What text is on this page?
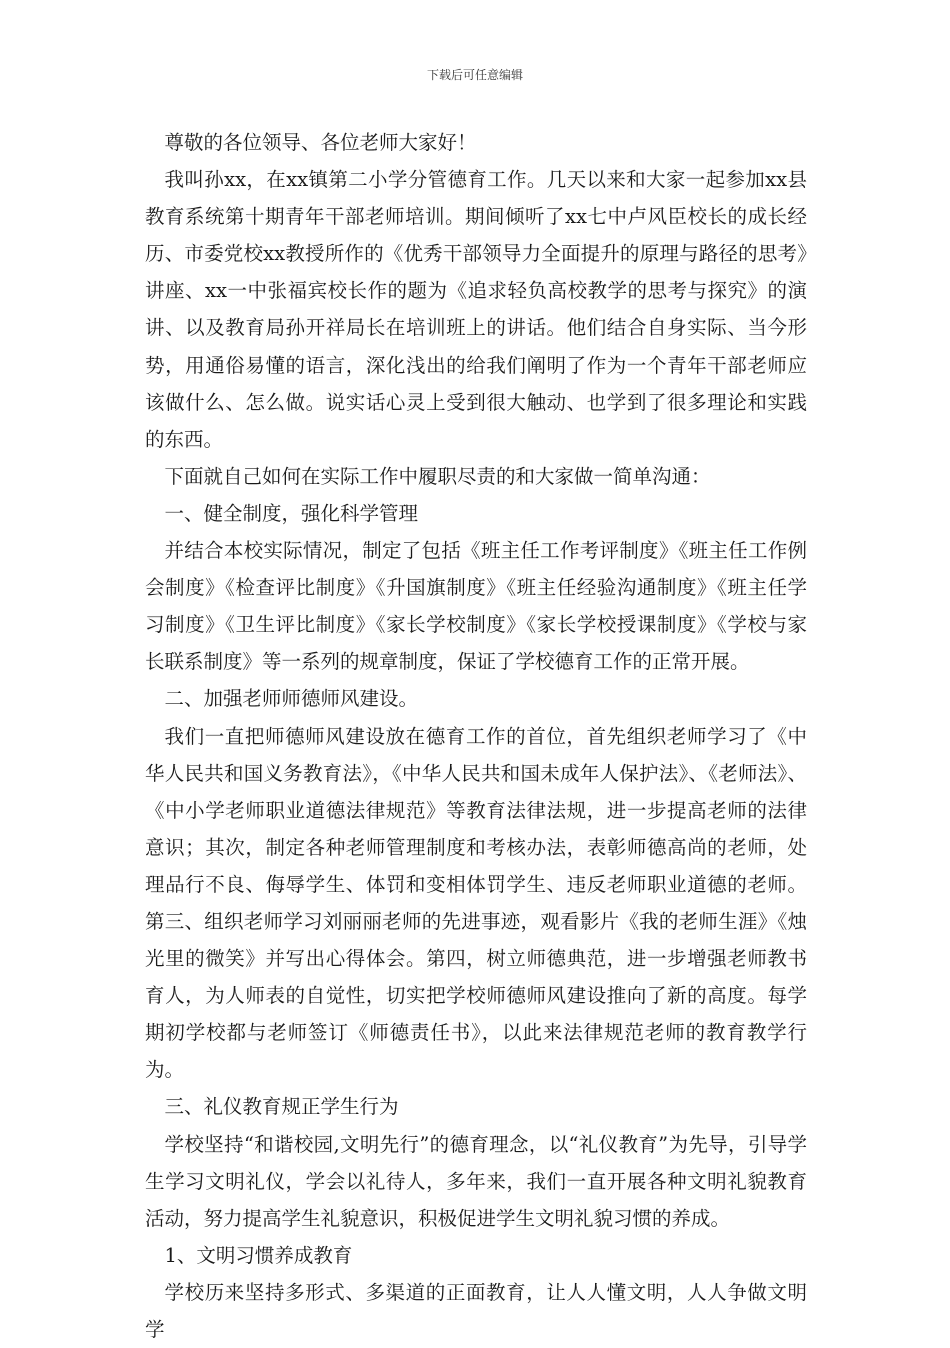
下载后可任意编辑

尊敬的各位领导、各位老师大家好！

我叫孙xx，在xx镇第二小学分管德育工作。几天以来和大家一起参加xx县教育系统第十期青年干部老师培训。期间倾听了xx七中卢风臣校长的成长经历、市委党校xx教授所作的《优秀干部领导力全面提升的原理与路径的思考》讲座、xx一中张福宾校长作的题为《追求轻负高校教学的思考与探究》的演讲、以及教育局孙开祥局长在培训班上的讲话。他们结合自身实际、当今形势，用通俗易懂的语言，深化浅出的给我们阐明了作为一个青年干部老师应该做什么、怎么做。说实话心灵上受到很大触动、也学到了很多理论和实践的东西。

下面就自己如何在实际工作中履职尽责的和大家做一简单沟通：

一、健全制度，强化科学管理

并结合本校实际情况，制定了包括《班主任工作考评制度》《班主任工作例会制度》《检查评比制度》《升国旗制度》《班主任经验沟通制度》《班主任学习制度》《卫生评比制度》《家长学校制度》《家长学校授课制度》《学校与家长联系制度》等一系列的规章制度，保证了学校德育工作的正常开展。

二、加强老师师德师风建设。

我们一直把师德师风建设放在德育工作的首位，首先组织老师学习了《中华人民共和国义务教育法》，《中华人民共和国未成年人保护法》、《老师法》、《中小学老师职业道德法律规范》等教育法律法规，进一步提高老师的法律意识；其次，制定各种老师管理制度和考核办法，表彰师德高尚的老师，处理品行不良、侮辱学生、体罚和变相体罚学生、违反老师职业道德的老师。第三、组织老师学习刘丽丽老师的先进事迹，观看影片《我的老师生涯》《烛光里的微笑》并写出心得体会。第四，树立师德典范，进一步增强老师教书育人，为人师表的自觉性，切实把学校师德师风建设推向了新的高度。每学期初学校都与老师签订《师德责任书》，以此来法律规范老师的教育教学行为。

三、礼仪教育规正学生行为

学校坚持“和谐校园,文明先行”的德育理念，以“礼仪教育”为先导，引导学生学习文明礼仪，学会以礼待人，多年来，我们一直开展各种文明礼貌教育活动，努力提高学生礼貌意识，积极促进学生文明礼貌习惯的养成。

1、文明习惯养成教育

学校历来坚持多形式、多渠道的正面教育，让人人懂文明，人人争做文明学
